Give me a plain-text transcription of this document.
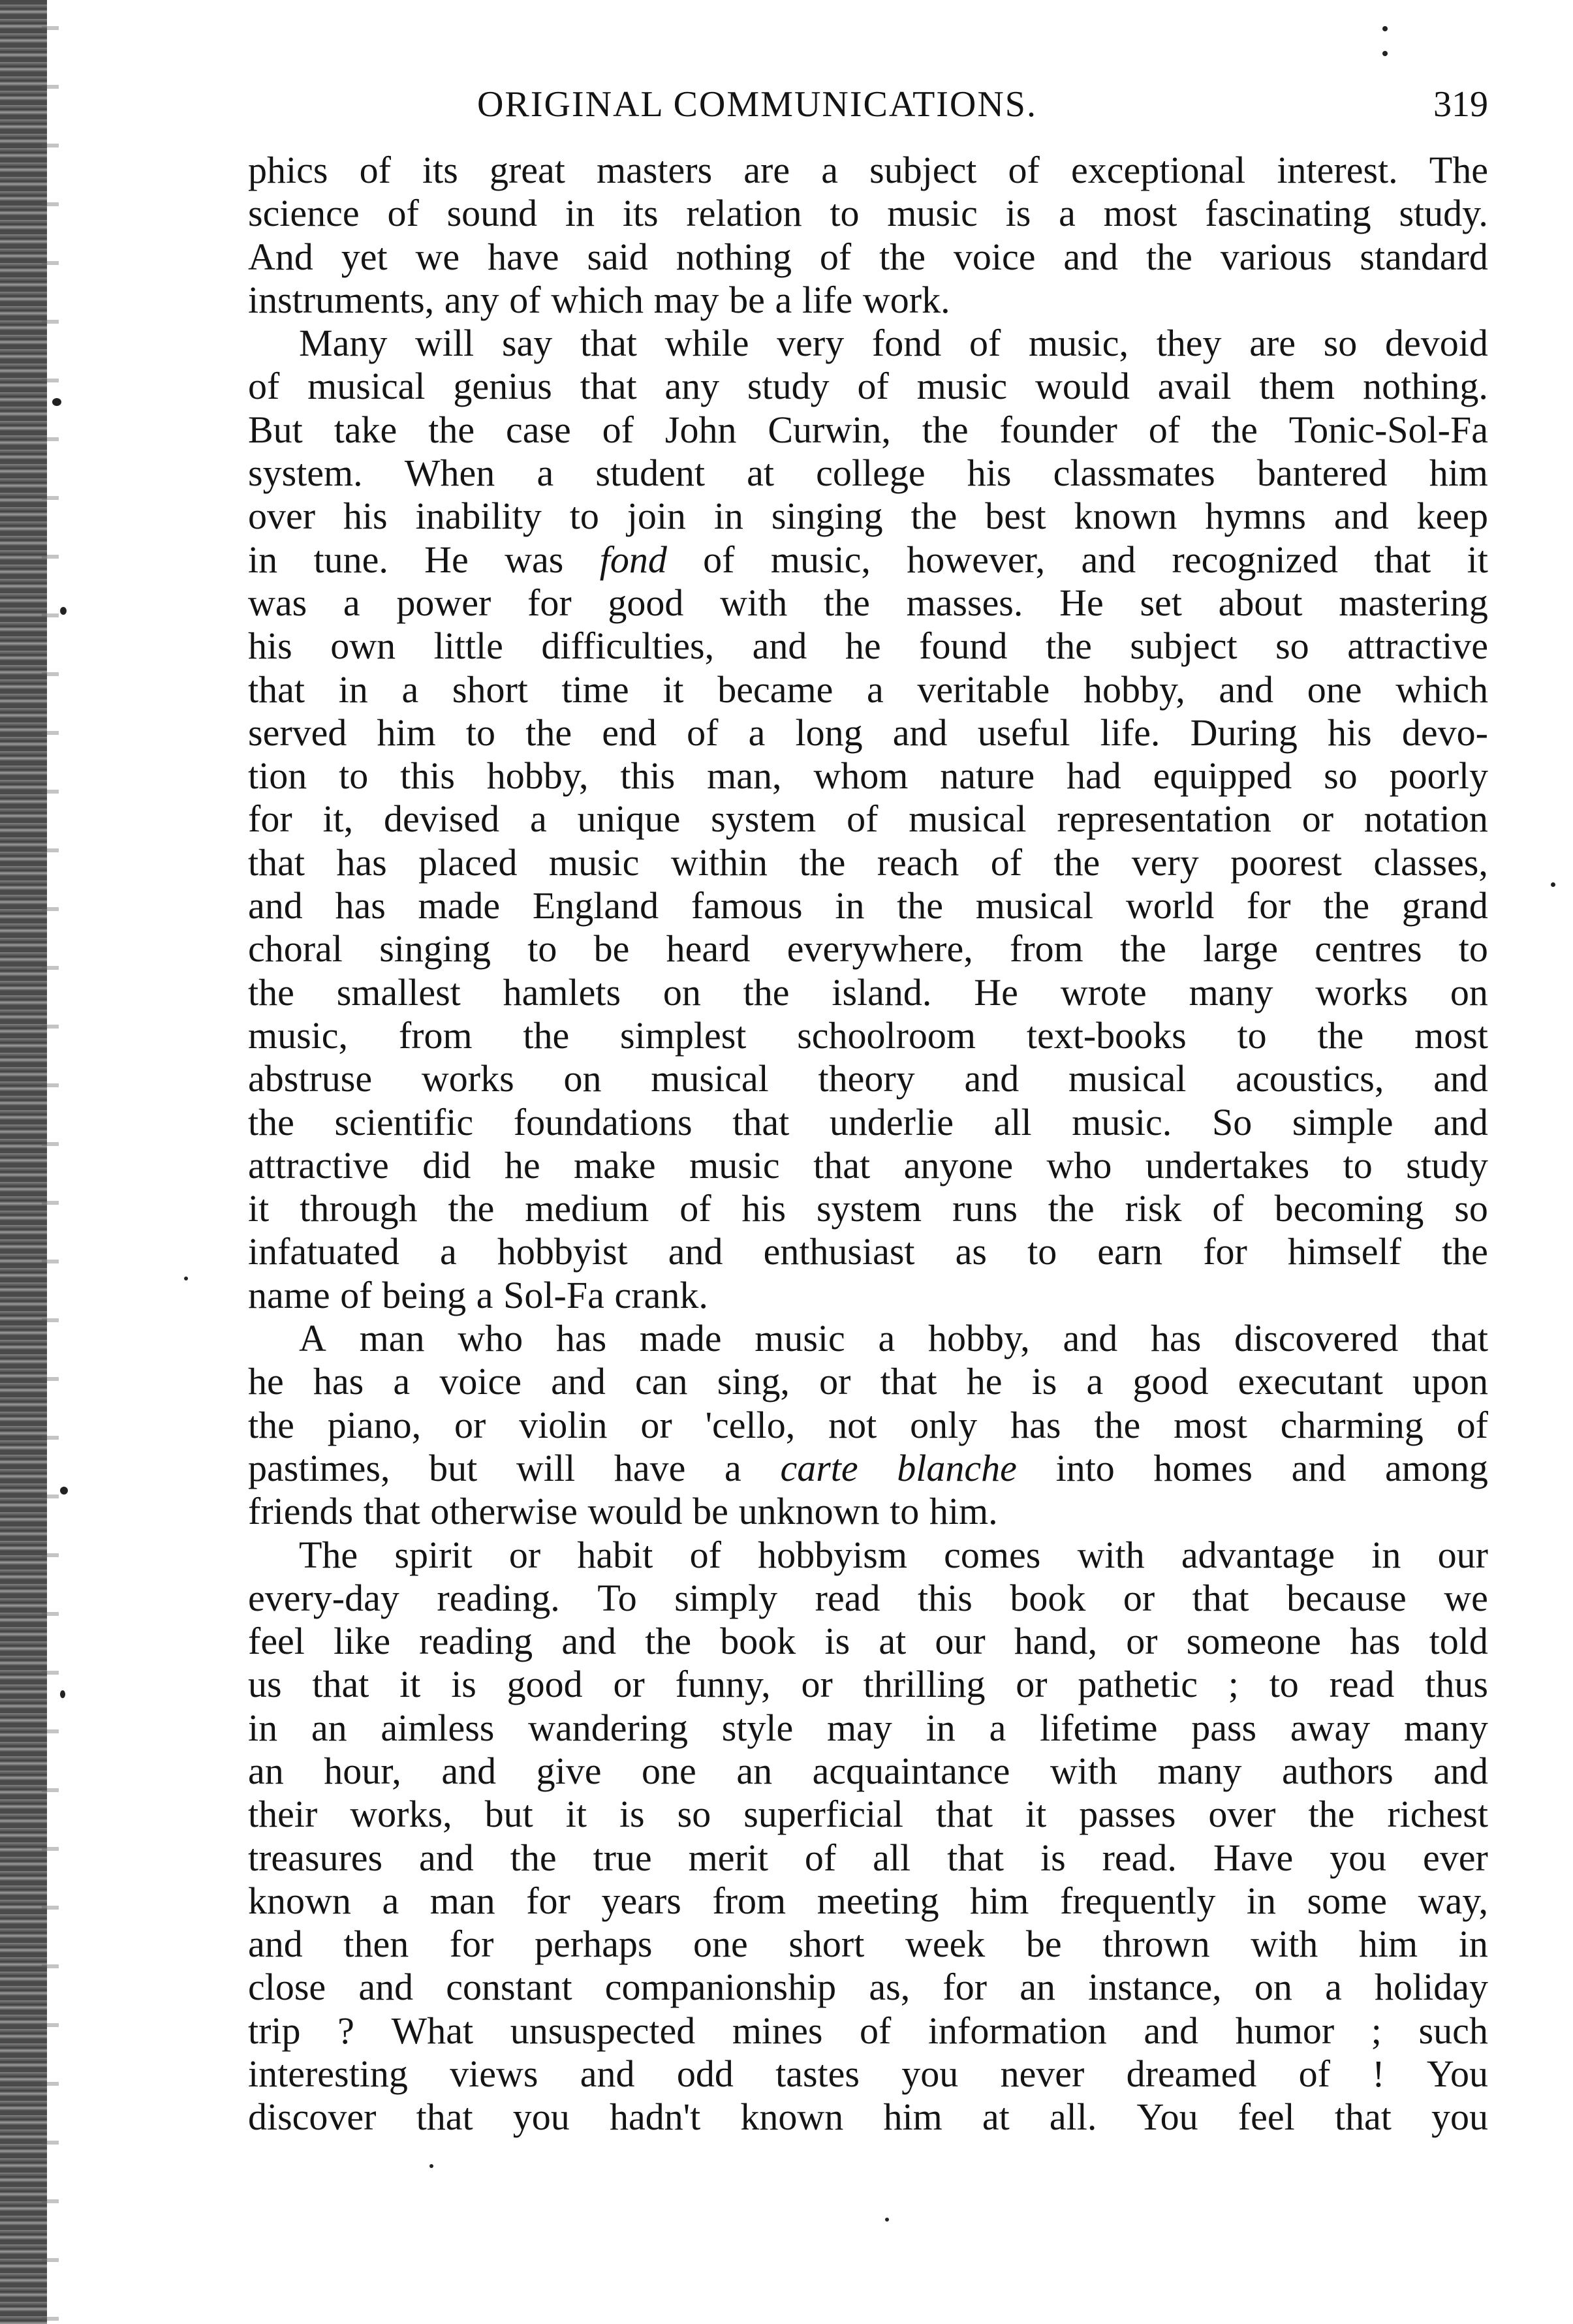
ORIGINAL COMMUNICATIONS.	319
phics of its great masters are a subject of exceptional interest. The
science of sound in its relation to music is a most fascinating study.
And yet we have said nothing of the voice and the various standard
instruments, any of which may be a life work.
Many will say that while very fond of music, they are so devoid
of musical genius that any study of music would avail them nothing.
But take the case of John Curwin, the founder of the Tonic-Sol-Fa
system. When a student at college his classmates bantered him
over his inability to join in singing the best known hymns and keep
in tune. He was fond of music, however, and recognized that it
was a power for good with the masses. He set about mastering
his own little difficulties, and he found the subject so attractive
that in a short time it became a veritable hobby, and one which
served him to the end of a long and useful life. During his devo-
tion to this hobby, this man, whom nature had equipped so poorly
for it, devised a unique system of musical representation or notation
that has placed music within the reach of the very poorest classes,
and has made England famous in the musical world for the grand
choral singing to be heard everywhere, from the large centres to
the smallest hamlets on the island. He wrote many works on
music, from the simplest schoolroom text-books to the most
abstruse works on musical theory and musical acoustics, and
the scientific foundations that underlie all music. So simple and
attractive did he make music that anyone who undertakes to study
it through the medium of his system runs the risk of becoming so
infatuated a hobbyist and enthusiast as to earn for himself the
name of being a Sol-Fa crank.
A man who has made music a hobby, and has discovered that
he has a voice and can sing, or that he is a good executant upon
the piano, or violin or 'cello, not only has the most charming of
pastimes, but will have a carte blanche into homes and among
friends that otherwise would be unknown to him.
The spirit or habit of hobbyism comes with advantage in our
every-day reading. To simply read this book or that because we
feel like reading and the book is at our hand, or someone has told
us that it is good or funny, or thrilling or pathetic ; to read thus
in an aimless wandering style may in a lifetime pass away many
an hour, and give one an acquaintance with many authors and
their works, but it is so superficial that it passes over the richest
treasures and the true merit of all that is read. Have you ever
known a man for years from meeting him frequently in some way,
and then for perhaps one short week be thrown with him in
close and constant companionship as, for an instance, on a holiday
trip ? What unsuspected mines of information and humor ; such
interesting views and odd tastes you never dreamed of ! You
discover that you hadn't known him at all. You feel that you
